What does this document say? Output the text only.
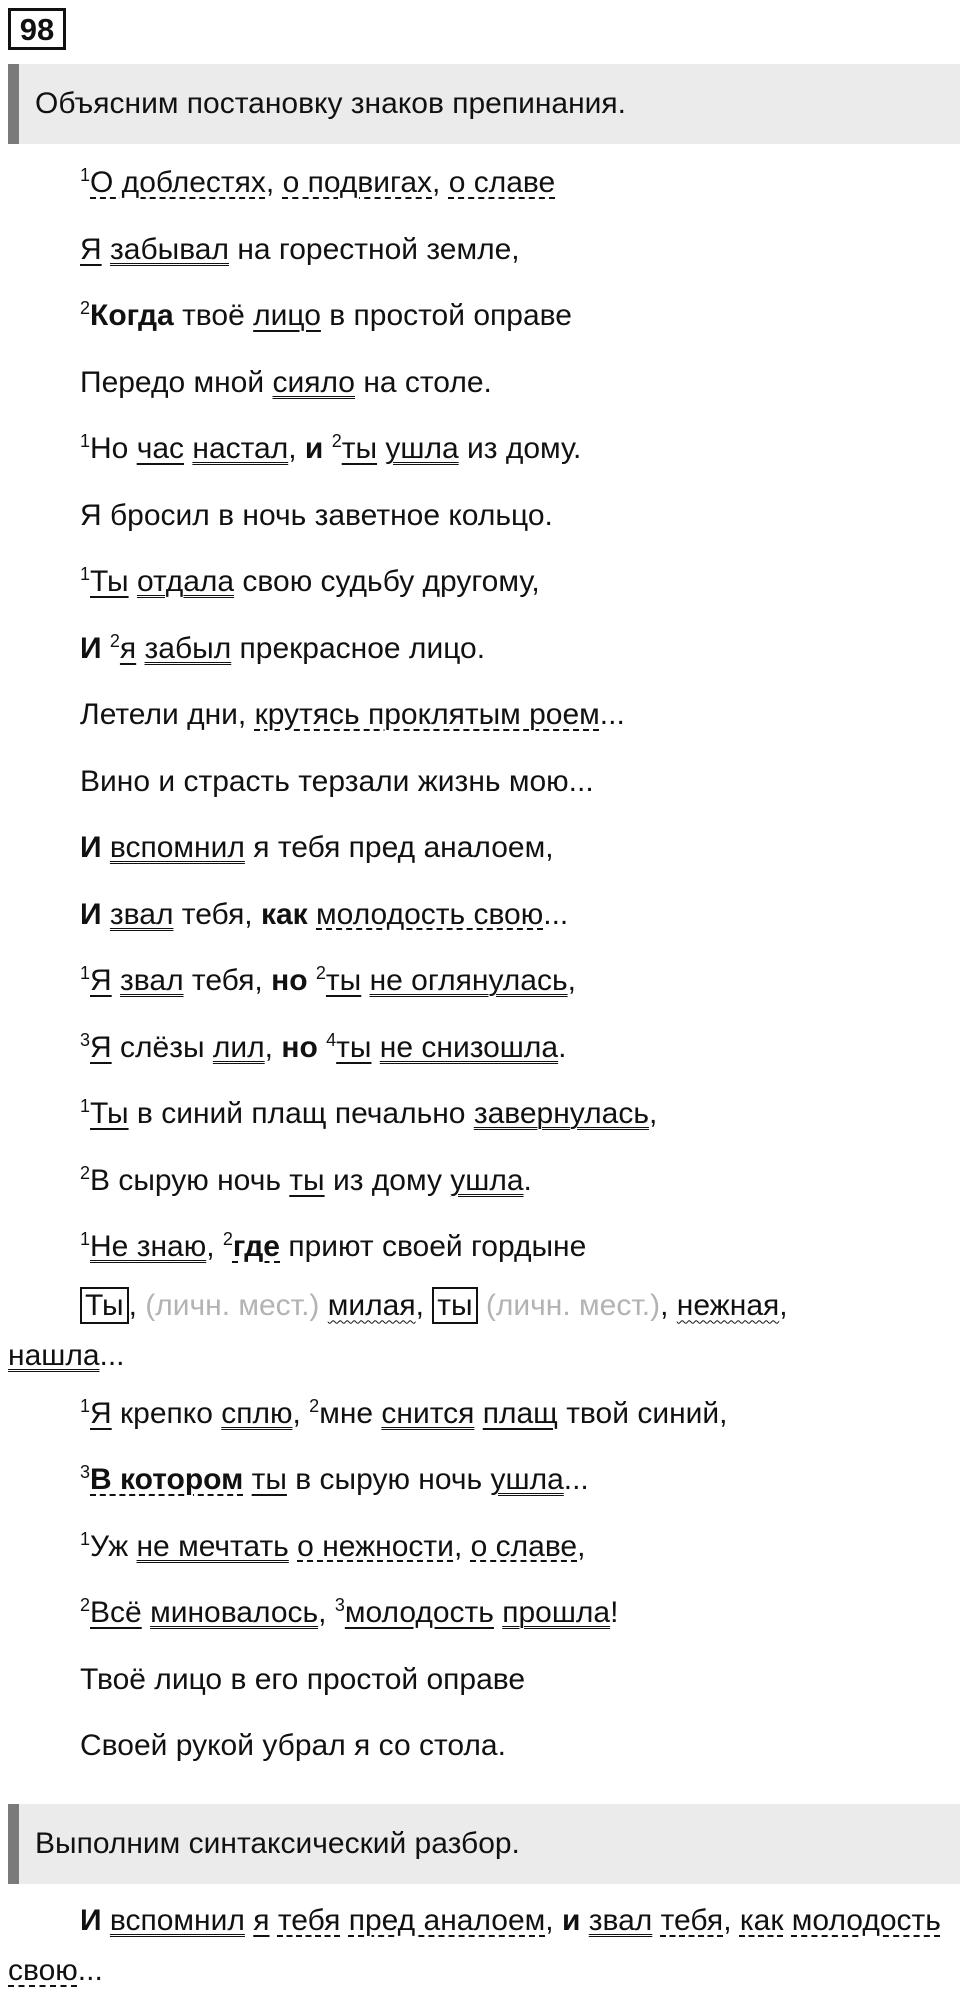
98
Объясним постановку знаков препинания.
$^1$О доблестях, о подвигах, о славе
Я забывал на горестной земле,
$^2$Когда твоё лицо в простой оправе
Передо мной сияло на столе.
$^1$Но час настал, и $^2$ты ушла из дому.
Я бросил в ночь заветное кольцо.
$^1$Ты отдала свою судьбу другому,
И $^2$я забыл прекрасное лицо.
Летели дни, крутясь проклятым роем...
Вино и страсть терзали жизнь мою...
И вспомнил я тебя пред аналоем,
И звал тебя, как молодость свою...
$^1$Я звал тебя, но $^2$ты не оглянулась,
$^3$Я слёзы лил, но $^4$ты не снизошла.
$^1$Ты в синий плащ печально завернулась,
$^2$В сырую ночь ты из дому ушла.
$^1$Не знаю, $^2$где приют своей гордыне
Ты , (личн. мест.) милая, ты (личн. мест.), нежная,
нашла...
$^1$Я крепко сплю, $^2$мне снится плащ твой синий,
$^3$В котором ты в сырую ночь ушла...
$^1$Уж не мечтать о нежности, о славе,
$^2$Всё миновалось, $^3$молодость прошла!
Твоё лицо в его простой оправе
Своей рукой убрал я со стола.
Выполним синтаксический разбор.
И вспомнил я тебя пред аналоем, и звал тебя, как молодость свою...
